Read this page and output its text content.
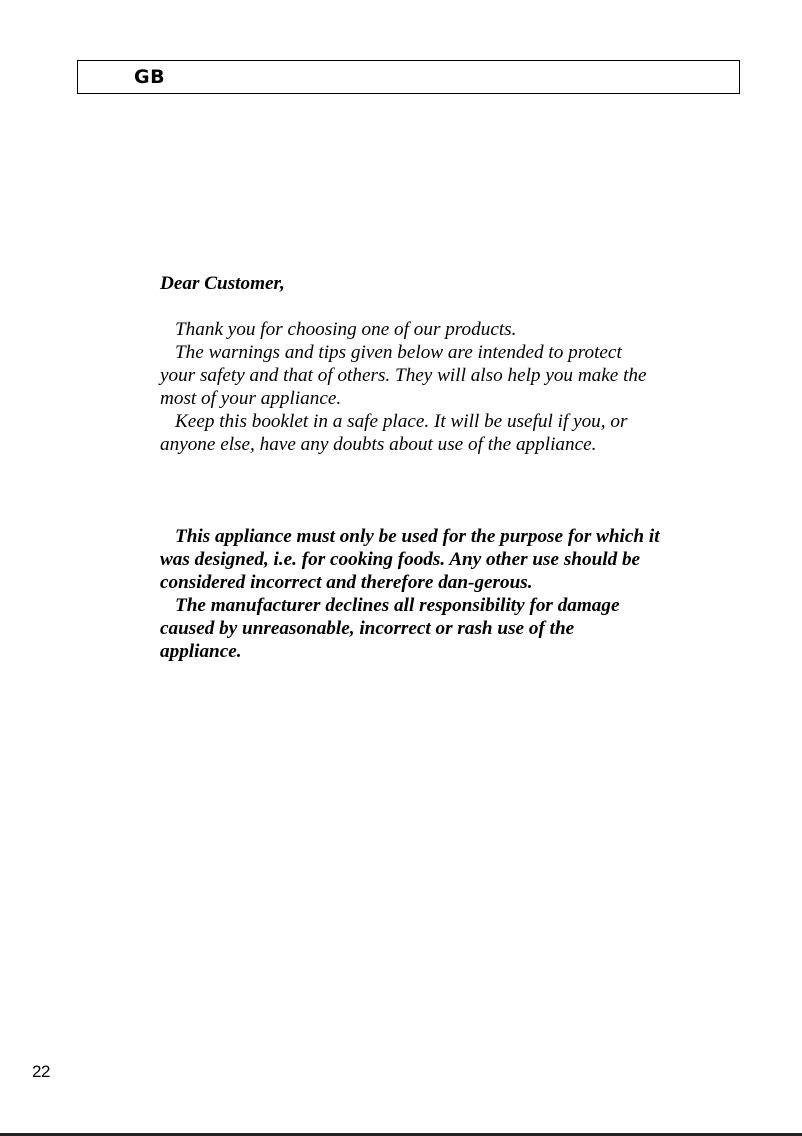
GB

Dear Customer,

Thank you for choosing one of our products.

The warnings and tips given below are intended to protect your safety and that of others. They will also help you make the most of your appliance.

Keep this booklet in a safe place. It will be useful if you, or anyone else, have any doubts about use of the appliance.

This appliance must only be used for the purpose for which it was designed, i.e. for cooking foods. Any other use should be considered incorrect and therefore dan-gerous.

The manufacturer declines all responsibility for damage caused by unreasonable, incorrect or rash use of the appliance.

22
